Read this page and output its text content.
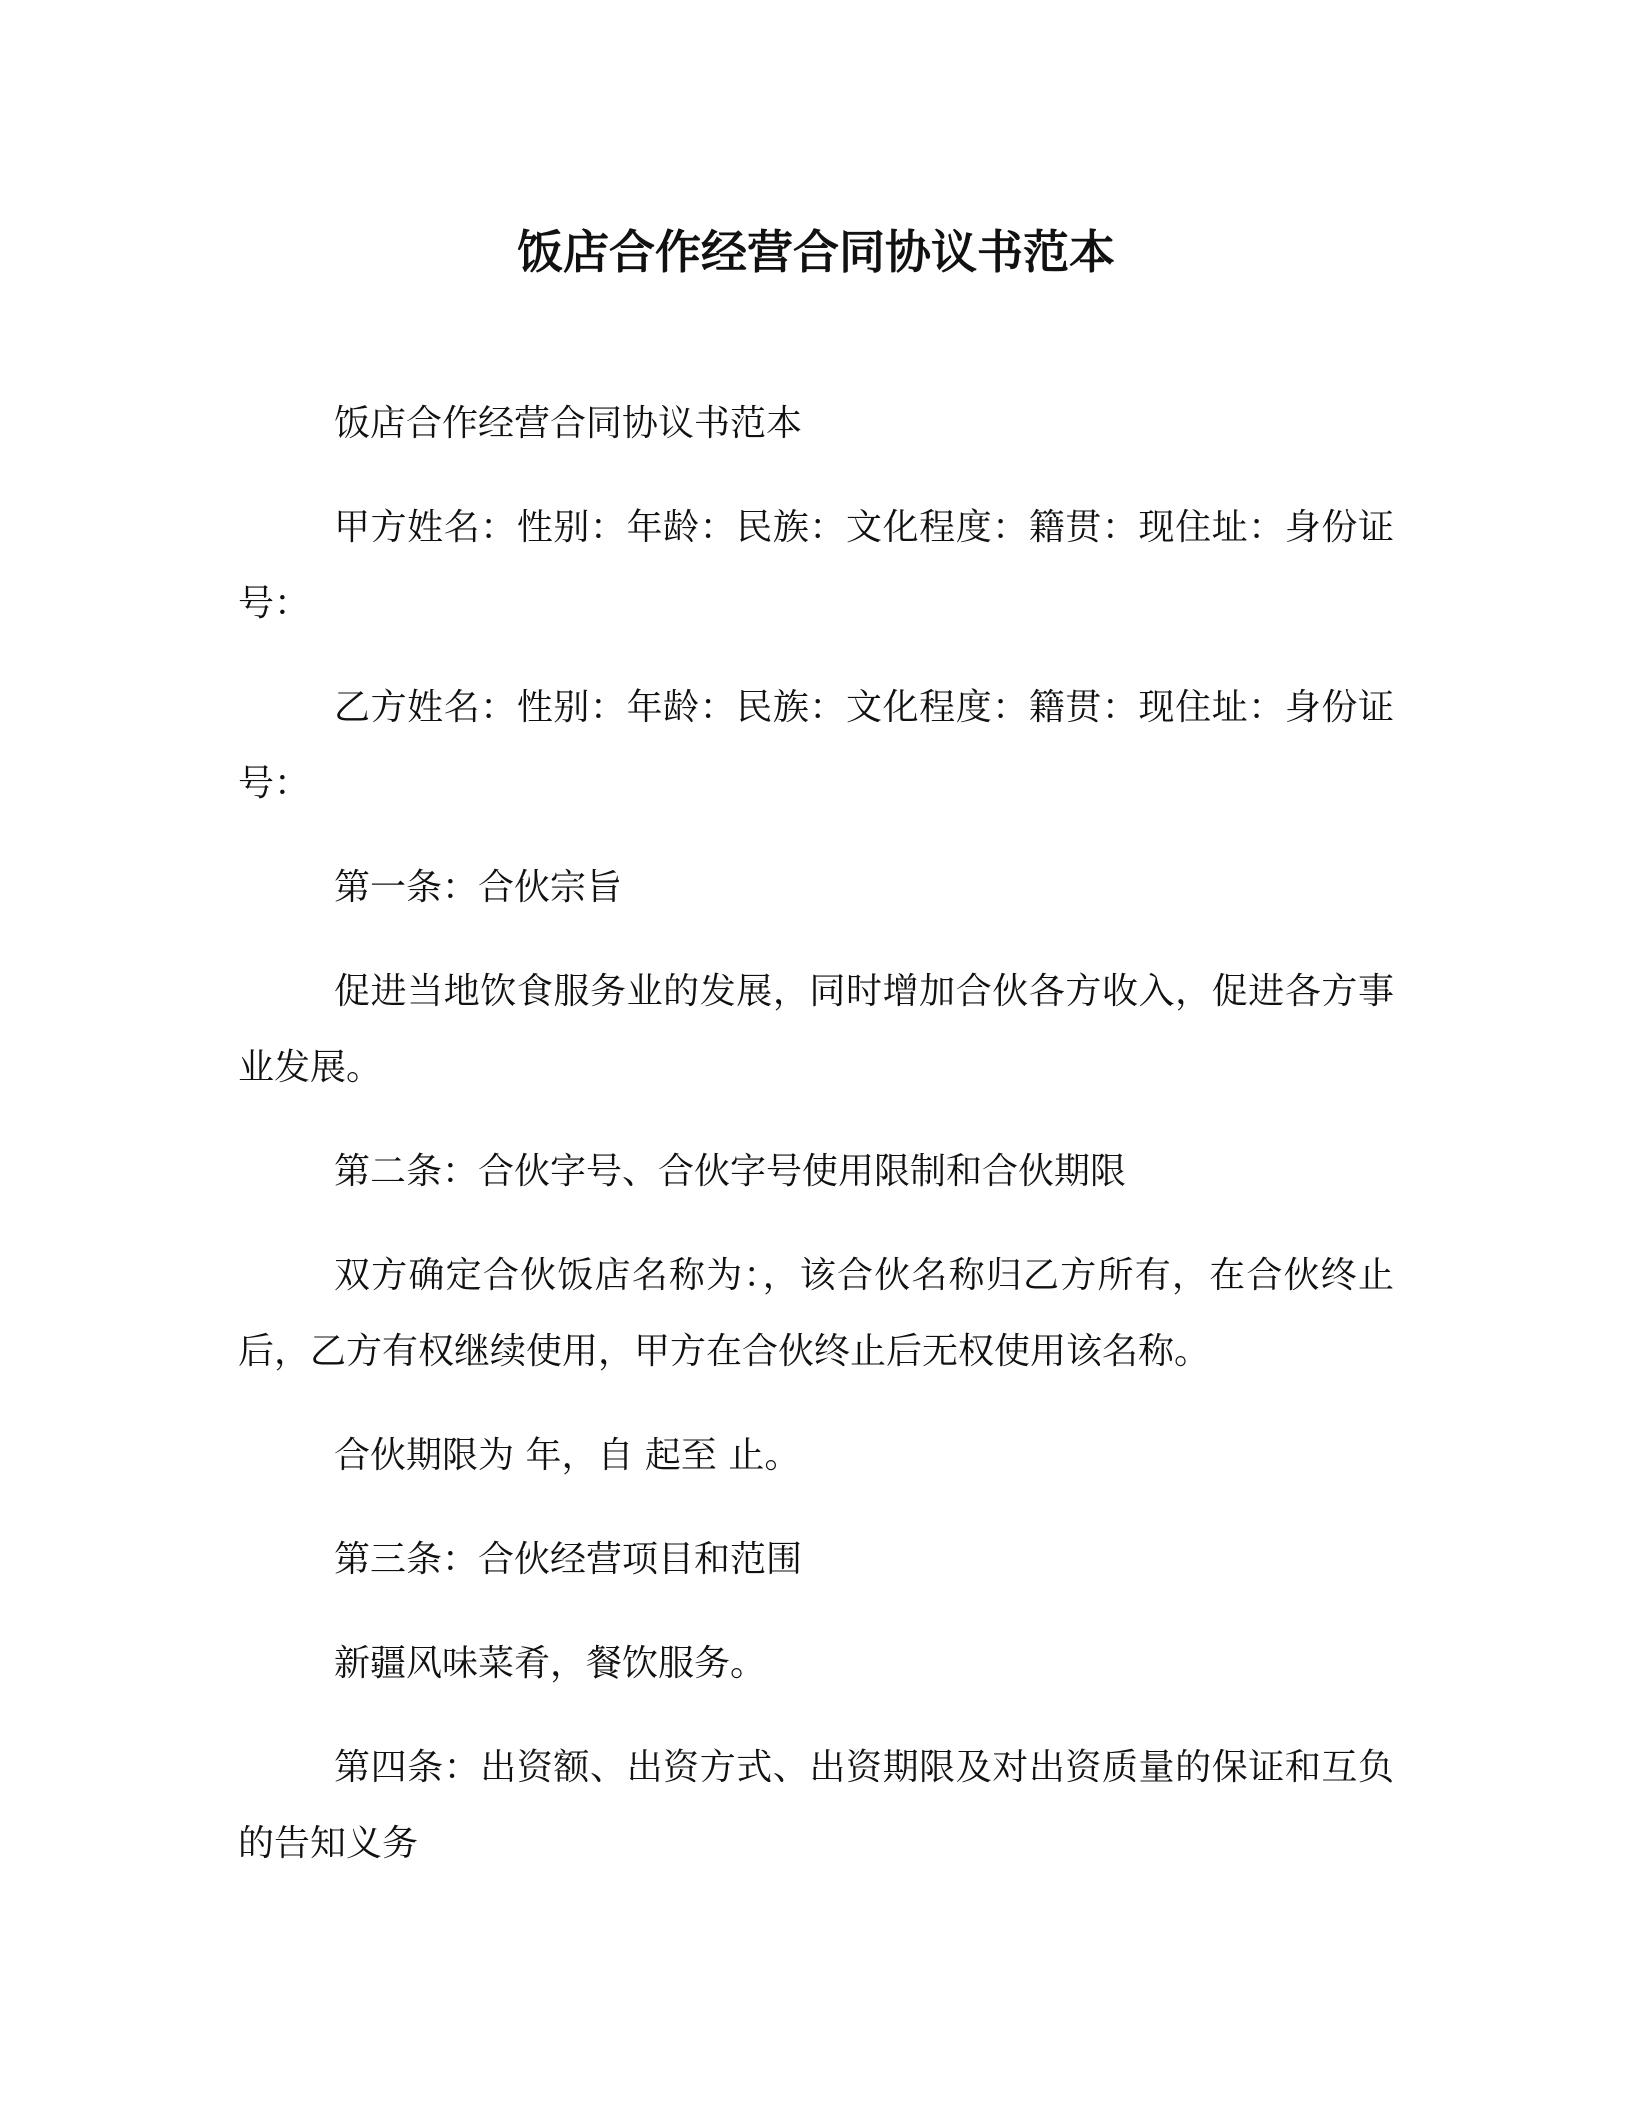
饭店合作经营合同协议书范本

饭店合作经营合同协议书范本

甲方姓名：性别：年龄：民族：文化程度：籍贯：现住址：身份证号：

乙方姓名：性别：年龄：民族：文化程度：籍贯：现住址：身份证号：

第一条：合伙宗旨

促进当地饮食服务业的发展，同时增加合伙各方收入，促进各方事业发展。

第二条：合伙字号、合伙字号使用限制和合伙期限

双方确定合伙饭店名称为：，该合伙名称归乙方所有，在合伙终止后，乙方有权继续使用，甲方在合伙终止后无权使用该名称。

合伙期限为 年，自 起至 止。

第三条：合伙经营项目和范围

新疆风味菜肴，餐饮服务。

第四条：出资额、出资方式、出资期限及对出资质量的保证和互负的告知义务
